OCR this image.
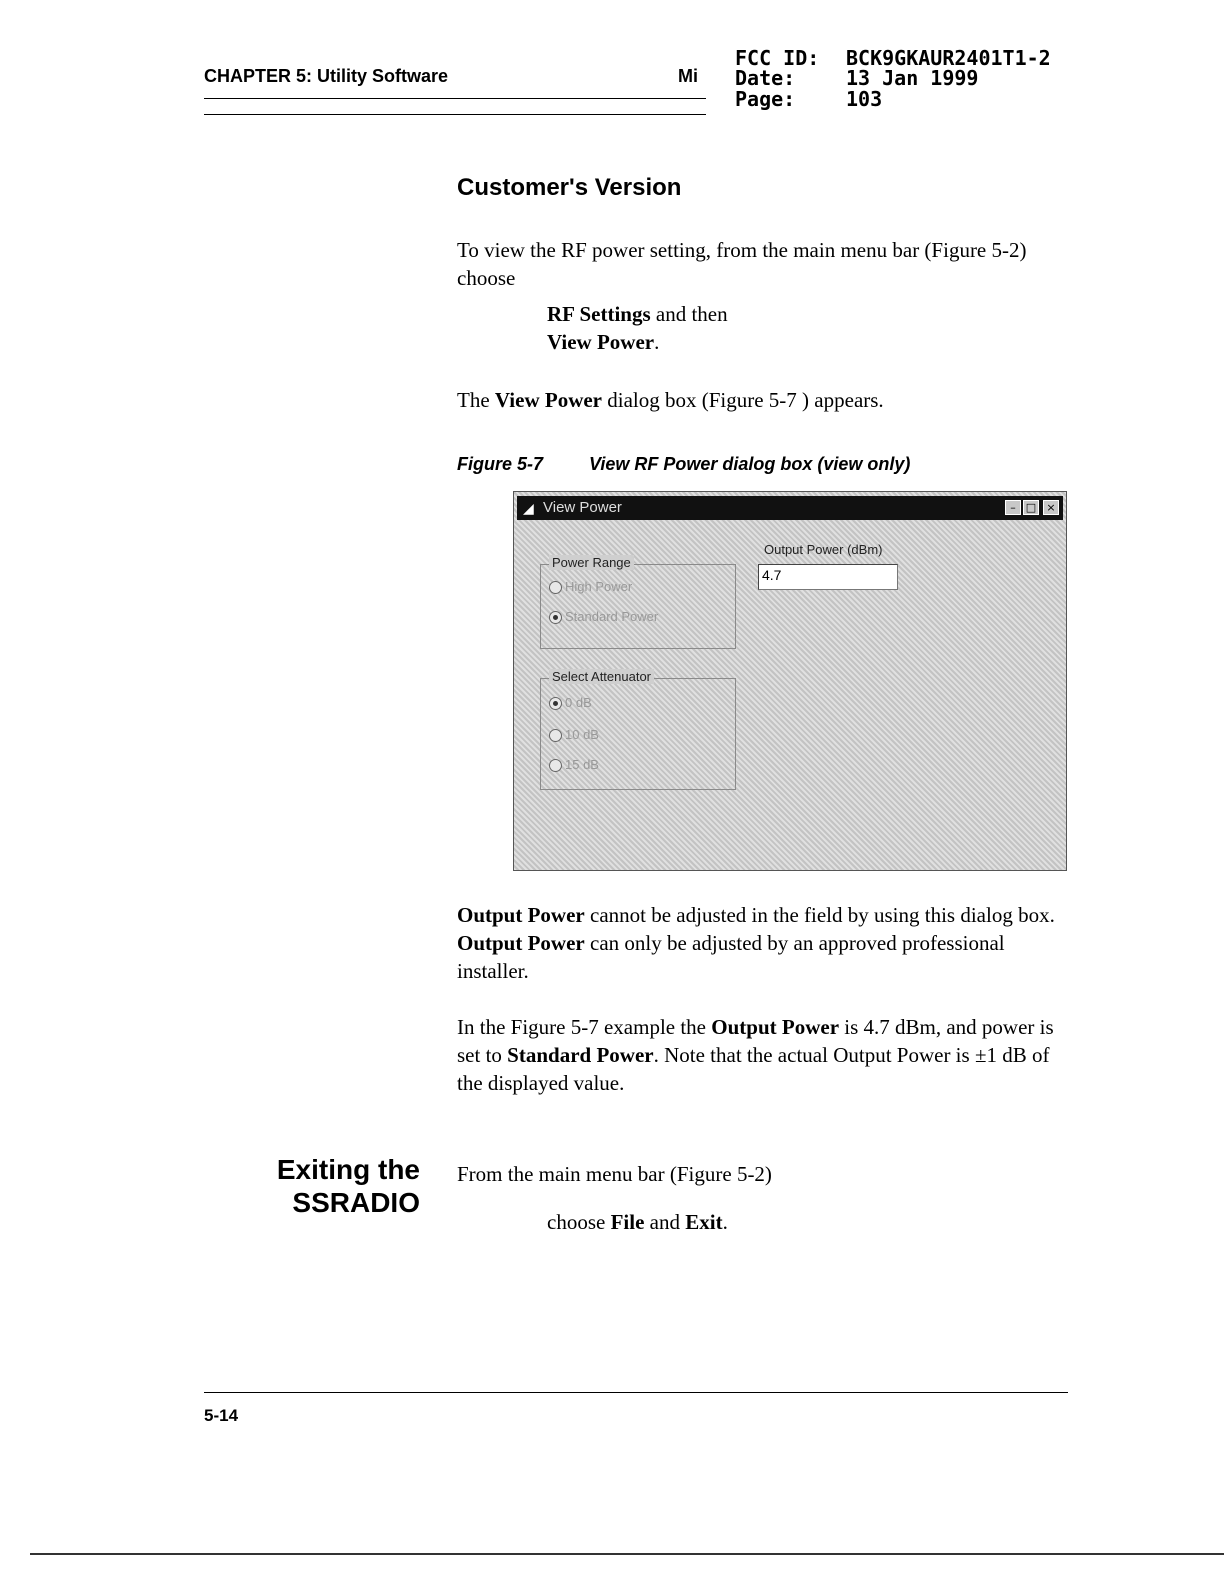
CHAPTER 5: Utility Software	Mi
FCC ID: BCK9GKAUR2401T1-2
Date:	13 Jan 1999
Page:	103
Customer's Version
To view the RF power setting, from the main menu bar (Figure 5-2) choose
RF Settings and then
View Power.
The View Power dialog box (Figure 5-7 ) appears.
Figure 5-7	View RF Power dialog box (view only)
◢ View Power	– □ ×
Power Range
High Power
Standard Power
Select Attenuator
0 dB
10 dB
15 dB
Output Power (dBm)
4.7
Output Power cannot be adjusted in the field by using this dialog box. Output Power can only be adjusted by an approved professional installer.
In the Figure 5-7 example the Output Power is 4.7 dBm, and power is set to Standard Power. Note that the actual Output Power is ±1 dB of the displayed value.
Exiting the
SSRADIO
From the main menu bar (Figure 5-2)
choose File and Exit.
5-14
